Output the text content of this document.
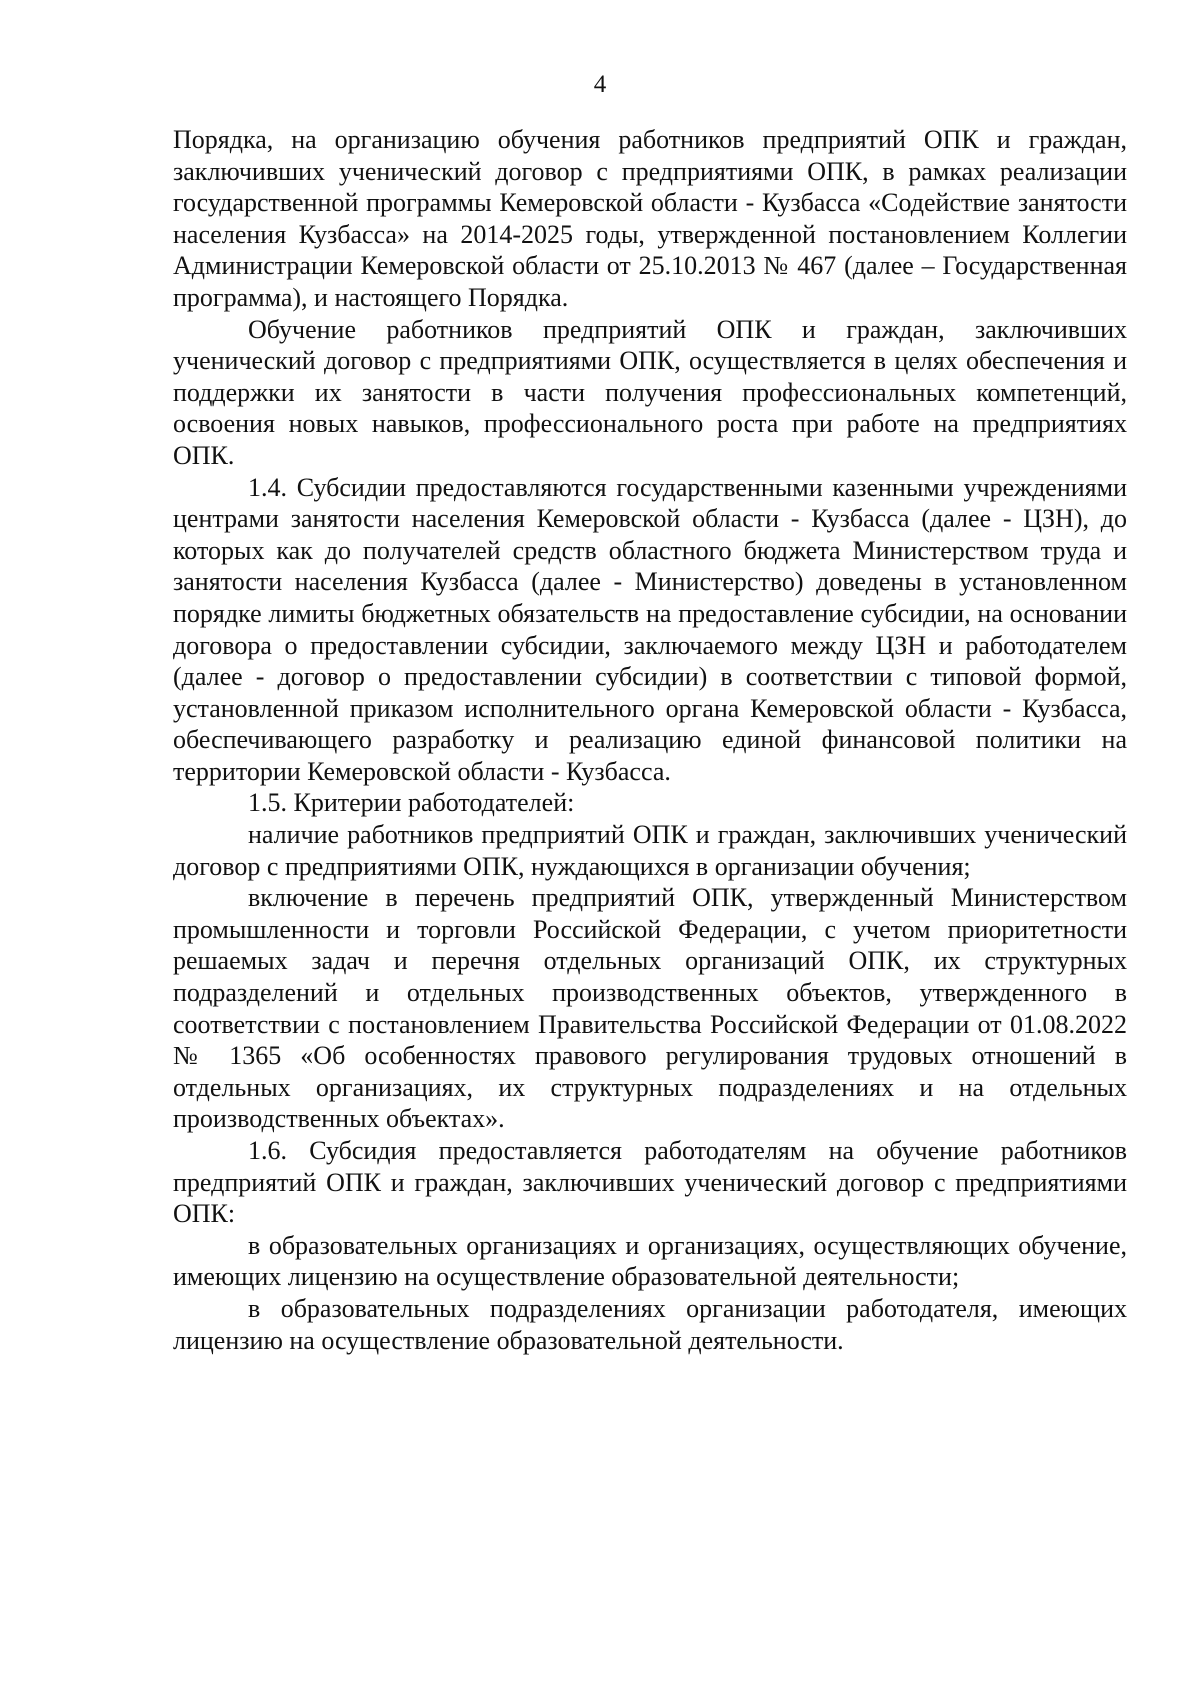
4

Порядка, на организацию обучения работников предприятий ОПК и граждан, заключивших ученический договор с предприятиями ОПК, в рамках реализации государственной программы Кемеровской области - Кузбасса «Содействие занятости населения Кузбасса» на 2014-2025 годы, утвержденной постановлением Коллегии Администрации Кемеровской области от 25.10.2013 № 467 (далее – Государственная программа), и настоящего Порядка.

Обучение работников предприятий ОПК и граждан, заключивших ученический договор с предприятиями ОПК, осуществляется в целях обеспечения и поддержки их занятости в части получения профессиональных компетенций, освоения новых навыков, профессионального роста при работе на предприятиях ОПК.

1.4. Субсидии предоставляются государственными казенными учреждениями центрами занятости населения Кемеровской области - Кузбасса (далее - ЦЗН), до которых как до получателей средств областного бюджета Министерством труда и занятости населения Кузбасса (далее - Министерство) доведены в установленном порядке лимиты бюджетных обязательств на предоставление субсидии, на основании договора о предоставлении субсидии, заключаемого между ЦЗН и работодателем (далее - договор о предоставлении субсидии) в соответствии с типовой формой, установленной приказом исполнительного органа Кемеровской области - Кузбасса, обеспечивающего разработку и реализацию единой финансовой политики на территории Кемеровской области - Кузбасса.

1.5. Критерии работодателей:

наличие работников предприятий ОПК и граждан, заключивших ученический договор с предприятиями ОПК, нуждающихся в организации обучения;

включение в перечень предприятий ОПК, утвержденный Министерством промышленности и торговли Российской Федерации, с учетом приоритетности решаемых задач и перечня отдельных организаций ОПК, их структурных подразделений и отдельных производственных объектов, утвержденного в соответствии с постановлением Правительства Российской Федерации от 01.08.2022 № 1365 «Об особенностях правового регулирования трудовых отношений в отдельных организациях, их структурных подразделениях и на отдельных производственных объектах».

1.6. Субсидия предоставляется работодателям на обучение работников предприятий ОПК и граждан, заключивших ученический договор с предприятиями ОПК:

в образовательных организациях и организациях, осуществляющих обучение, имеющих лицензию на осуществление образовательной деятельности;

в образовательных подразделениях организации работодателя, имеющих лицензию на осуществление образовательной деятельности.
